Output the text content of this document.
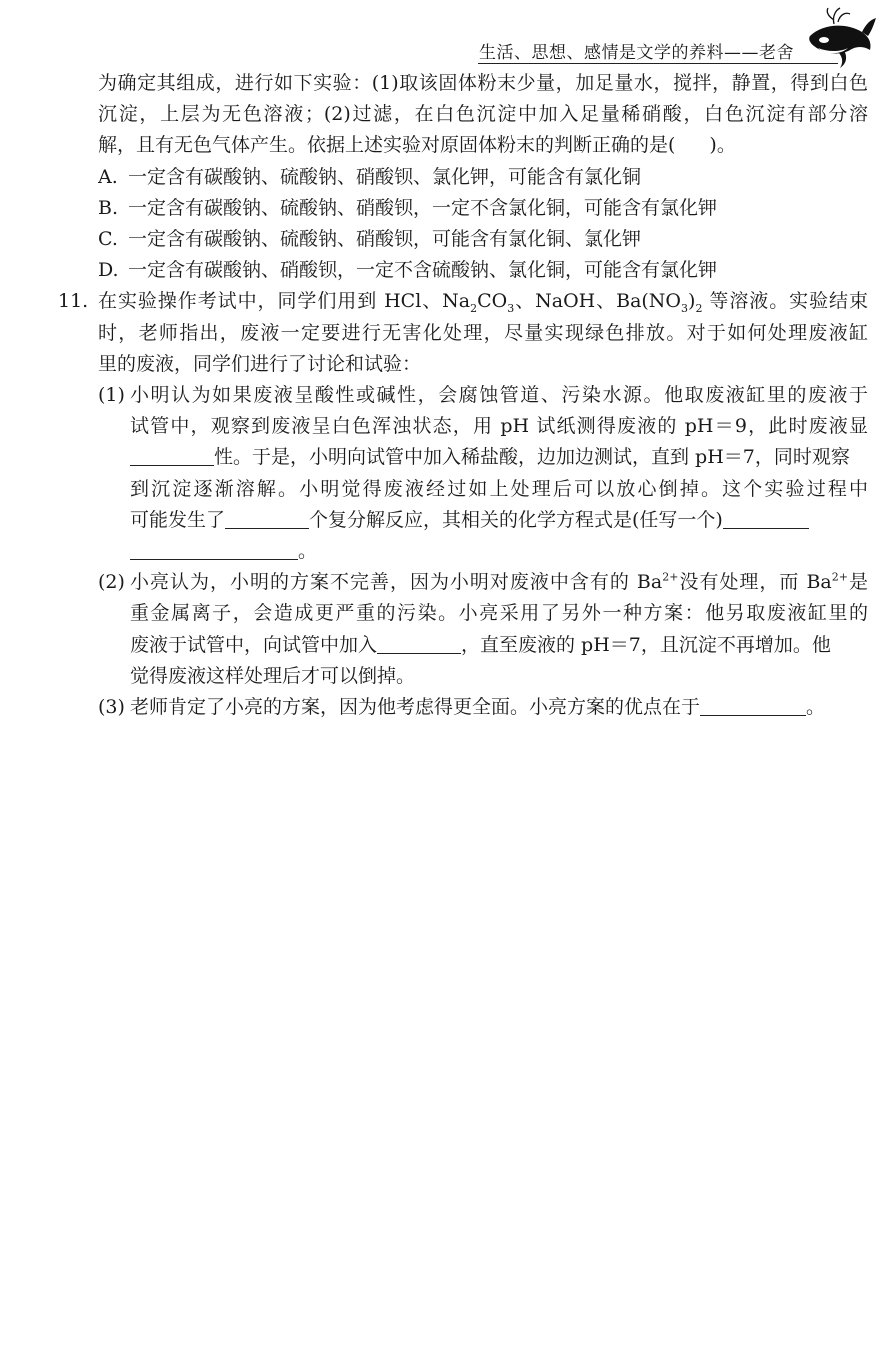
生活、思想、感情是文学的养料——老舍
为确定其组成，进行如下实验：(1)取该固体粉末少量，加足量水，搅拌，静置，得到白色
沉淀，上层为无色溶液；(2)过滤，在白色沉淀中加入足量稀硝酸，白色沉淀有部分溶
解，且有无色气体产生。依据上述实验对原固体粉末的判断正确的是( )。
A. 一定含有碳酸钠、硫酸钠、硝酸钡、氯化钾，可能含有氯化铜
B. 一定含有碳酸钠、硫酸钠、硝酸钡，一定不含氯化铜，可能含有氯化钾
C. 一定含有碳酸钠、硫酸钠、硝酸钡，可能含有氯化铜、氯化钾
D. 一定含有碳酸钠、硝酸钡，一定不含硫酸钠、氯化铜，可能含有氯化钾
11. 在实验操作考试中，同学们用到 HCl、$Na_2CO_3$、NaOH、$Ba(NO_3)_2$ 等溶液。实验结束
时，老师指出，废液一定要进行无害化处理，尽量实现绿色排放。对于如何处理废液缸
里的废液，同学们进行了讨论和试验：
(1) 小明认为如果废液呈酸性或碱性，会腐蚀管道、污染水源。他取废液缸里的废液于
试管中，观察到废液呈白色浑浊状态，用 pH 试纸测得废液的 pH＝9，此时废液显
性。于是，小明向试管中加入稀盐酸，边加边测试，直到 pH＝7，同时观察
到沉淀逐渐溶解。小明觉得废液经过如上处理后可以放心倒掉。这个实验过程中
可能发生了	个复分解反应，其相关的化学方程式是(任写一个)
。
(2) 小亮认为，小明的方案不完善，因为小明对废液中含有的 $Ba^{2+}$没有处理，而 $Ba^{2+}$是
重金属离子，会造成更严重的污染。小亮采用了另外一种方案：他另取废液缸里的
废液于试管中，向试管中加入	，直至废液的 pH＝7，且沉淀不再增加。他
觉得废液这样处理后才可以倒掉。
(3) 老师肯定了小亮的方案，因为他考虑得更全面。小亮方案的优点在于	。
